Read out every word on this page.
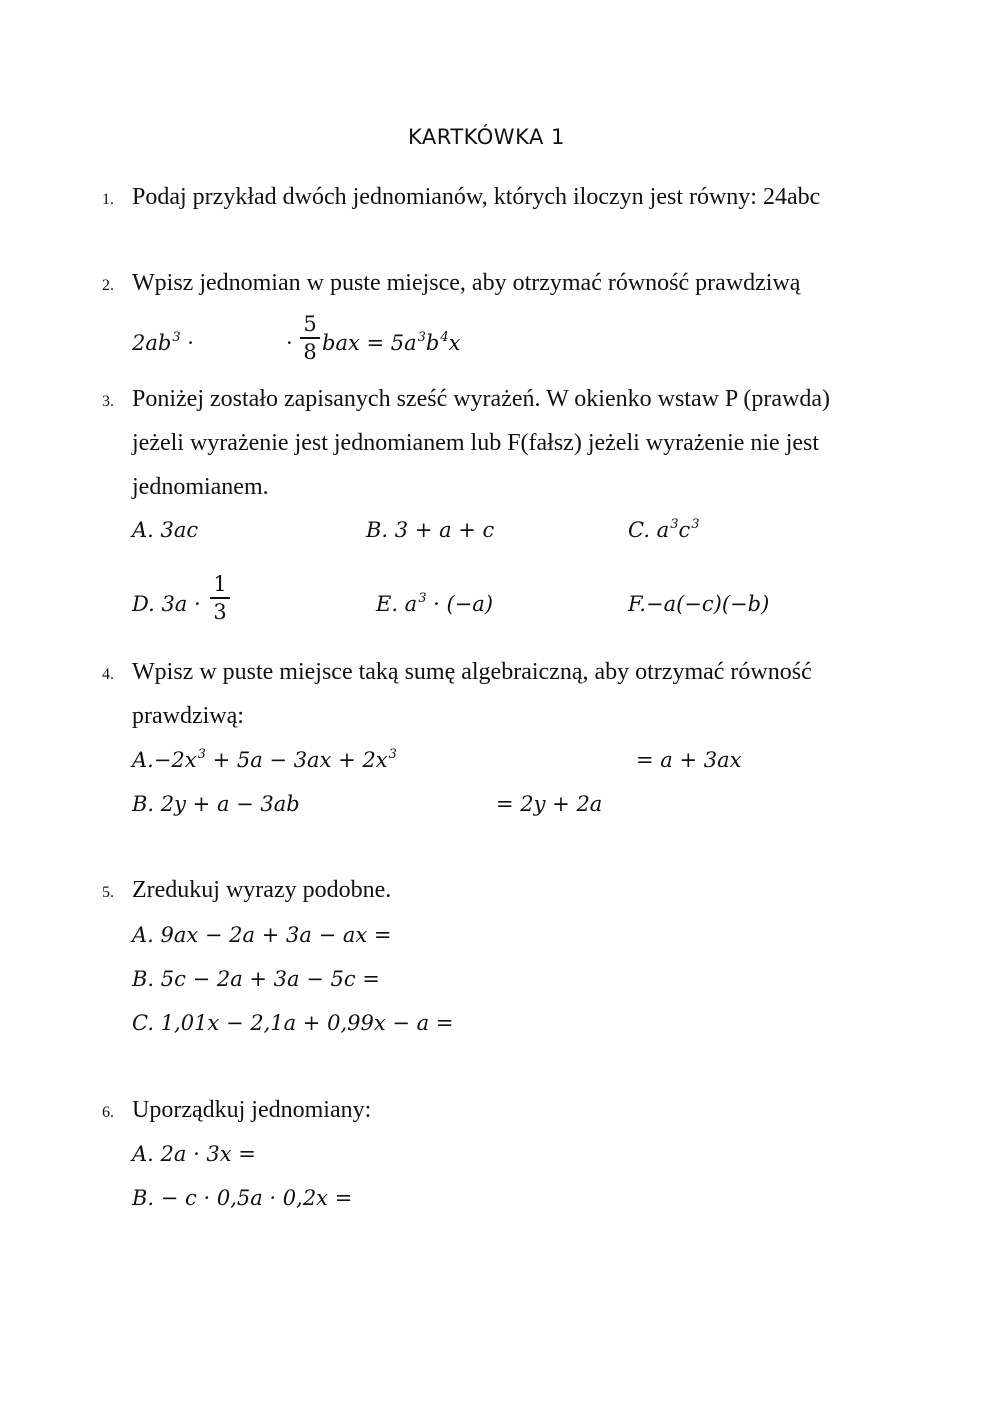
KARTKÓWKA 1
1. Podaj przykład dwóch jednomianów, których iloczyn jest równy: 24abc
2. Wpisz jednomian w puste miejsce, aby otrzymać równość prawdziwą
$2ab^3$ ·	·
5
8 bax = $5a^3b^4x$
3. Poniżej zostało zapisanych sześć wyrażeń. W okienko wstaw P (prawda)
jeżeli wyrażenie jest jednomianem lub F(fałsz) jeżeli wyrażenie nie jest
jednomianem.
A. 3ac	B. 3 + a + c	C. $a^3c^3$
D. 3a ·
1
3	E. $a^3 \cdot (-a)$	F.−a(−c)(−b)
4. Wpisz w puste miejsce taką sumę algebraiczną, aby otrzymać równość
prawdziwą:
$A.-2x^3 + 5a - 3ax + 2x^3$	= a + 3ax
B. 2y + a − 3ab	= 2y + 2a
5. Zredukuj wyrazy podobne.
A. 9ax − 2a + 3a − ax =
B. 5c − 2a + 3a − 5c =
C. 1,01x − 2,1a + 0,99x − a =
6. Uporządkuj jednomiany:
A. 2a · 3x =
B. − c · 0,5a · 0,2x =
